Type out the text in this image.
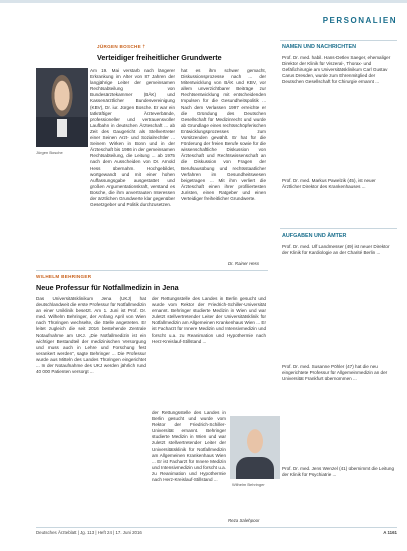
PERSONALIEN
JÜRGEN BOSCHE †
Verteidiger freiheitlicher Grundwerte
Jürgen Bosche
Am 19. Mai verstarb nach längerer Erkrankung im Alter von 87 Jahren der langjährige Leiter der gemeinsamen Rechtsabteilung von Bundesärztekammer (BÄK) und Kassenärztlicher Bundesvereinigung (KBV), Dr. iur. Jürgen Bosche. Er war ein tatkräftiger Ärzteverbände, professioneller und vertrauensvoller Laufbahn in deutschen Ärzteschaft ... ab Zeit des Gaugericht als Stellvertreter einer Seinen Arzt- und Sozialrechtler ... Seinem Wirken in Bonn und in der Ärzteschaft bis 1986 in der gemeinsamen Rechtsabteilung, die Leitung ... ab 1975 nach dem Ausscheiden von Dr. Arnold Hess übernahm. Hochgebildet, wortgewandt und mit einer hohen Auffassungsgabe ausgestattet und großen Argumentationskraft, verstand es Bosche, die ihm anvertrauten Interessen der ärztlichen Grundwerte klar gegenüber Gesetzgeber und Politik durchzusetzen.
hat es ihm schwer gemacht, Diskussionsprozesse nach ... der Mitentwicklung von BÄK und KBV, vor allem unverzichtbarer Beiträge zur Rechtsentwicklung mit entscheidenden Impulsen für die Gesundheitspolitik ... Nach dem Verlassen 1997 erreichte er die Gründung des Deutschen Gesellschaft für Medizinrecht und wurde ab Grundlage eines rechtsschöpferischen Entwicklungsprozesses zum Vorsitzenden gewählt. Er hat für die Förderung der freien Berufe sowie für die wissenschaftliche Diskussion von Ärzteschaft und Rechtswissenschaft an die Diskussion von Fragen der Berufsausübung und rechtsstaatlicher Verfahren im Gesundheitswesen beigetragen ... Mit ihm verliert die Ärzteschaft einen ihrer profiliertesten Juristen, einen Ratgeber und einen Verteidiger freiheitlicher Grundwerte.
Dr. Rainer Hess
WILHELM BEHRINGER
Neue Professur für Notfallmedizin in Jena
Das Universitätsklinikum Jena (UKJ) hat deutschlandweit die erste Professur für Notfallmedizin an einer Uniklinik besetzt. Am 1. Juni ist Prof. Dr. med. Wilhelm Behringer, der Anfang April von Wien nach Thüringen wechselte, die Stelle angetreten. Er leitet zugleich die seit 2016 bestehende Zentrale Notaufnahme am UKJ. „Die Notfallmedizin ist ein wichtiger Bestandteil der medizinischen Versorgung und muss auch in Lehre und Forschung fest verankert werden“, sagte Behringer ... Die Professur wurde aus Mitteln des Landes Thüringen eingerichtet ... In der Notaufnahme des UKJ werden jährlich rund 40 000 Patienten versorgt ...
der Rettungsstelle des Landes in Berlin gesucht und wurde vom Rektor der Friedrich-Schiller-Universität ernannt. Behringer studierte Medizin in Wien und war zuletzt stellvertretender Leiter der Universitätsklinik für Notfallmedizin am Allgemeinen Krankenhaus Wien ... Er ist Facharzt für Innere Medizin und Intensivmedizin und forscht u.a. zu Reanimation und Hypothermie nach Herz-Kreislauf-Stillstand ...
der Rettungsstelle des Landes in Berlin gesucht und wurde vom Rektor der Friedrich-Schiller-Universität ernannt. Behringer studierte Medizin in Wien und war zuletzt stellvertretender Leiter der Universitätsklinik für Notfallmedizin am Allgemeinen Krankenhaus Wien ... Er ist Facharzt für Innere Medizin und Intensivmedizin und forscht u.a. zu Reanimation und Hypothermie nach Herz-Kreislauf-Stillstand ...
Wilhelm Behringer
Reza Salehpoor
NAMEN UND NACHRICHTEN
Prof. Dr. med. habil. Hans-Detlev Saeger, ehemaliger Direktor der Klinik für Viszeral-, Thorax- und Gefäßchirurgie am Universitätsklinikum Carl Gustav Carus Dresden, wurde zum Ehrenmitglied der Deutschen Gesellschaft für Chirurgie ernannt ...
Prof. Dr. med. Markus Pawelzik (45), ist neuer Ärztlicher Direktor des Krankenhauses ...
AUFGABEN UND ÄMTER
Prof. Dr. med. Ulf Landmesser (49) ist neuer Direktor der Klinik für Kardiologie an der Charité Berlin ...
Prof. Dr. med. Susanne Pöhler (47) hat die neu eingerichtete Professur für Allgemeinmedizin an der Universität Frankfurt übernommen ...
Prof. Dr. med. Jens Wenzel (41) übernimmt die Leitung der Klinik für Psychiatrie ...
Deutsches Ärzteblatt | Jg. 113 | Heft 24 | 17. Juni 2016	A 1161
